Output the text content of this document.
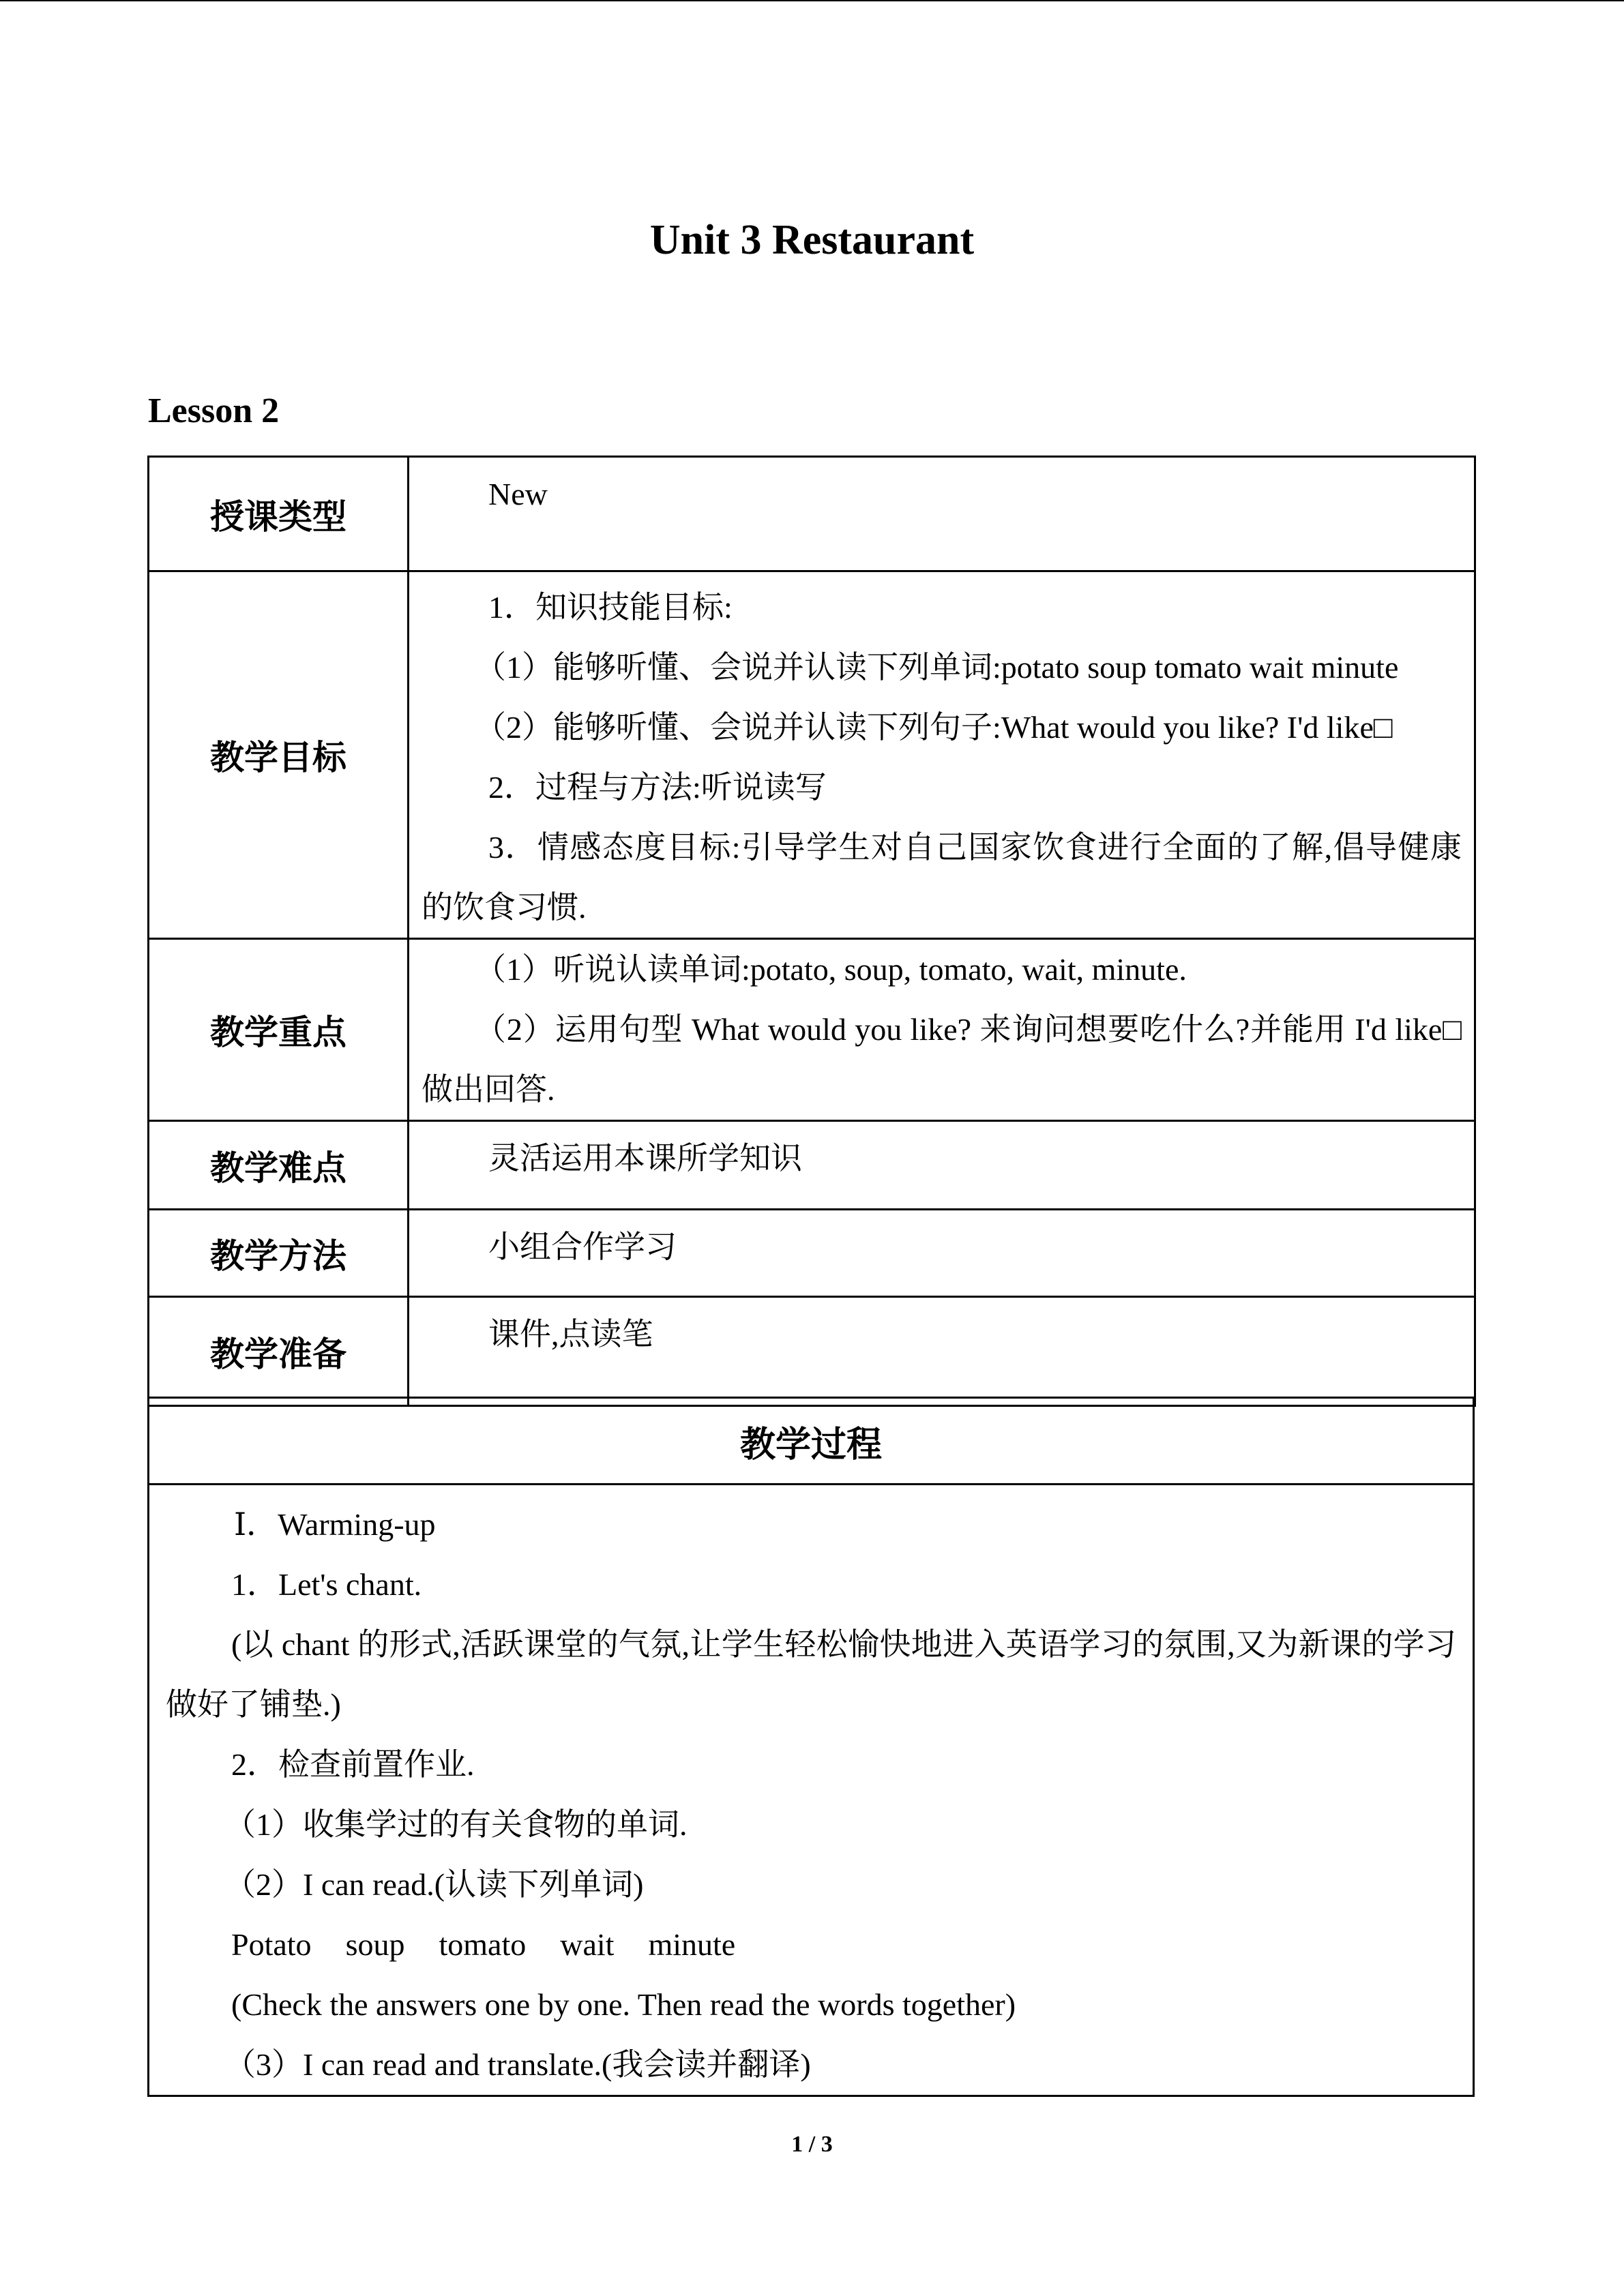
Unit 3 Restaurant
Lesson 2
授课类型	New

教学目标	1．知识技能目标:

（1）能够听懂、会说并认读下列单词:potato soup tomato wait minute

（2）能够听懂、会说并认读下列句子:What would you like? I'd like□

2．过程与方法:听说读写

3．情感态度目标:引导学生对自己国家饮食进行全面的了解,倡导健康的饮食习惯.

教学重点	（1）听说认读单词:potato, soup, tomato, wait, minute.

（2）运用句型 What would you like? 来询问想要吃什么?并能用 I'd like□做出回答.

教学难点	灵活运用本课所学知识

教学方法	小组合作学习

教学准备	课件,点读笔

教学过程

Ⅰ．Warming-up

1．Let's chant.

(以 chant 的形式,活跃课堂的气氛,让学生轻松愉快地进入英语学习的氛围,又为新课的学习做好了铺垫.)

2．检查前置作业.

（1）收集学过的有关食物的单词.

（2）I can read.(认读下列单词)

Potato soup tomato wait minute

(Check the answers one by one. Then read the words together)

（3）I can read and translate.(我会读并翻译)

1 / 3
